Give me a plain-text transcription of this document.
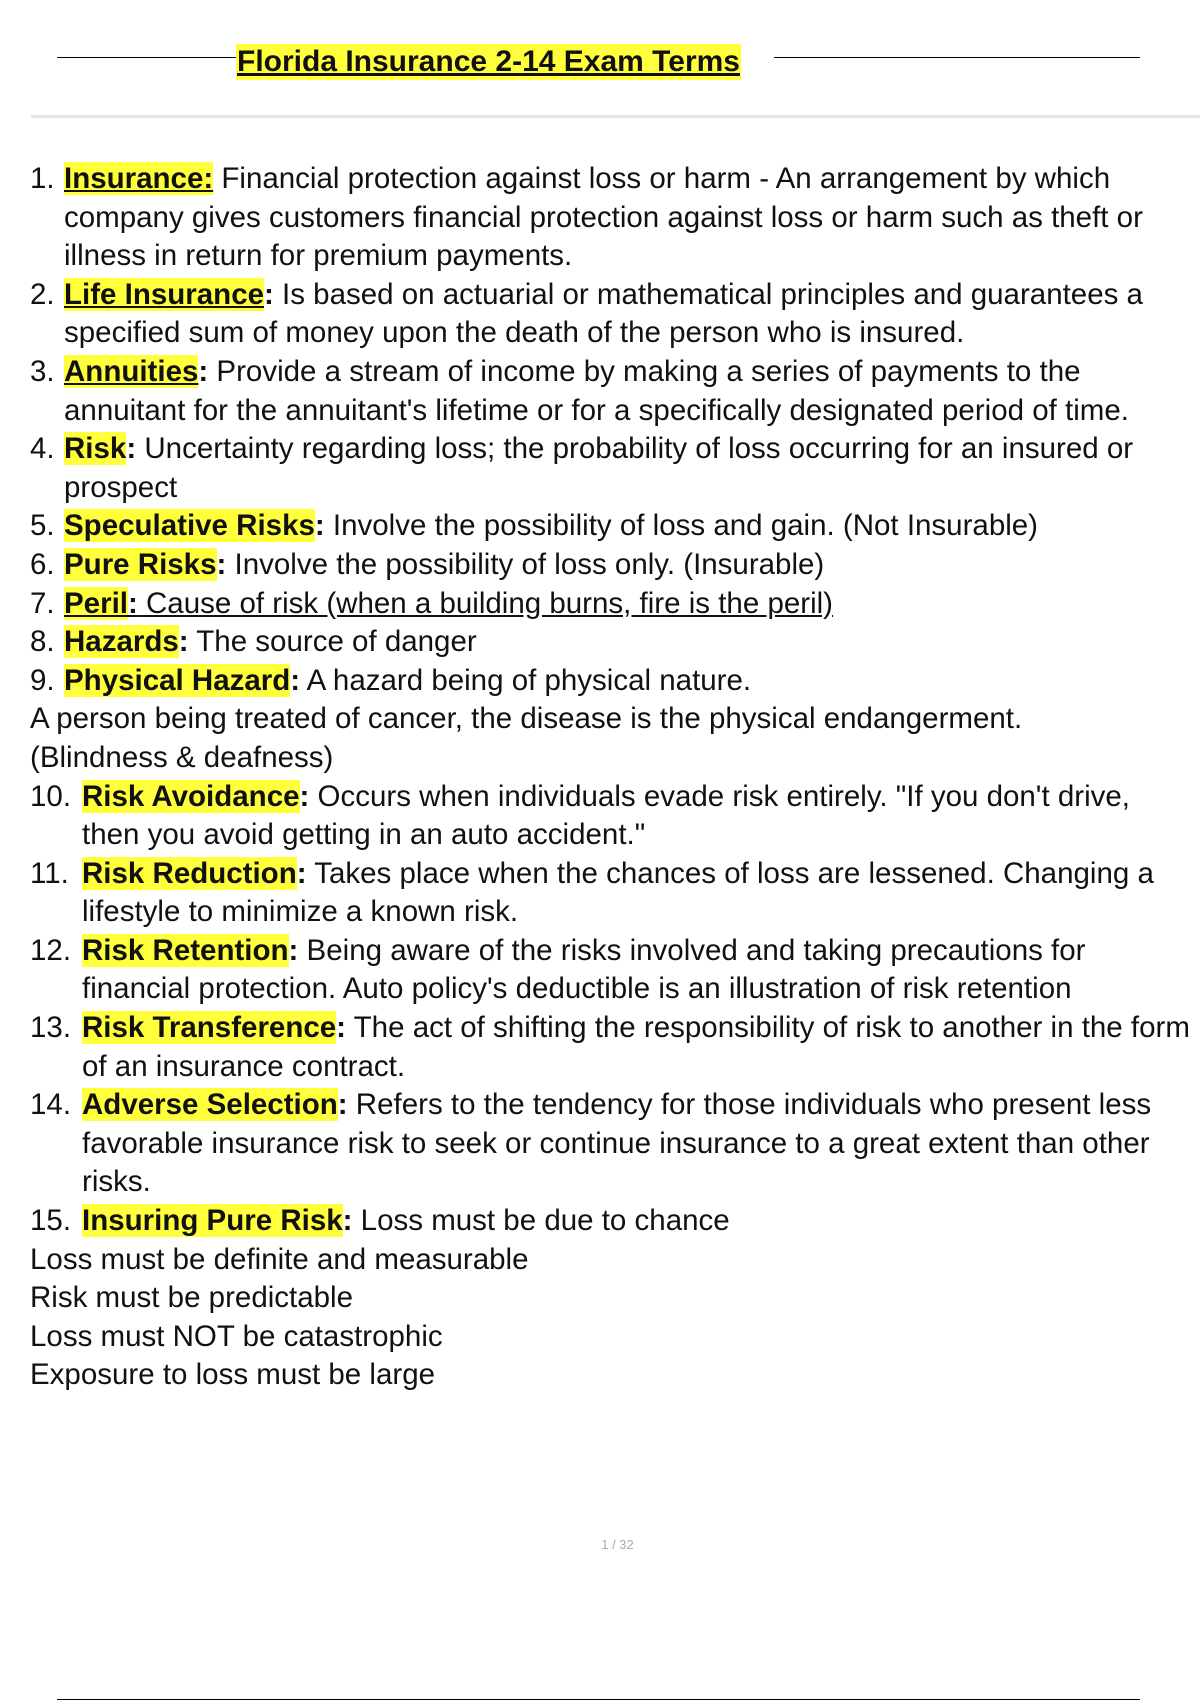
Florida Insurance 2-14 Exam Terms
1. Insurance: Financial protection against loss or harm - An arrangement by which company gives customers financial protection against loss or harm such as theft or illness in return for premium payments.
2. Life Insurance: Is based on actuarial or mathematical principles and guarantees a specified sum of money upon the death of the person who is insured.
3. Annuities: Provide a stream of income by making a series of payments to the annuitant for the annuitant's lifetime or for a specifically designated period of time.
4. Risk: Uncertainty regarding loss; the probability of loss occurring for an insured or prospect
5. Speculative Risks: Involve the possibility of loss and gain. (Not Insurable)
6. Pure Risks: Involve the possibility of loss only. (Insurable)
7. Peril: Cause of risk (when a building burns, fire is the peril)
8. Hazards: The source of danger
9. Physical Hazard: A hazard being of physical nature.
A person being treated of cancer, the disease is the physical endangerment.
(Blindness & deafness)
10. Risk Avoidance: Occurs when individuals evade risk entirely. "If you don't drive, then you avoid getting in an auto accident."
11. Risk Reduction: Takes place when the chances of loss are lessened. Changing a lifestyle to minimize a known risk.
12. Risk Retention: Being aware of the risks involved and taking precautions for financial protection. Auto policy's deductible is an illustration of risk retention
13. Risk Transference: The act of shifting the responsibility of risk to another in the form of an insurance contract.
14. Adverse Selection: Refers to the tendency for those individuals who present less favorable insurance risk to seek or continue insurance to a great extent than other risks.
15. Insuring Pure Risk: Loss must be due to chance
Loss must be definite and measurable
Risk must be predictable
Loss must NOT be catastrophic
Exposure to loss must be large
1 / 32
